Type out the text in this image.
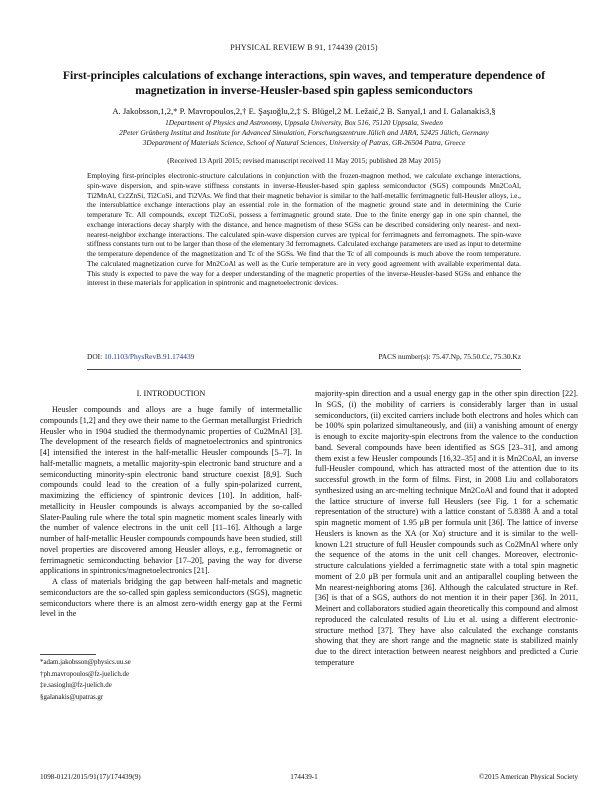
PHYSICAL REVIEW B 91, 174439 (2015)
First-principles calculations of exchange interactions, spin waves, and temperature dependence of
magnetization in inverse-Heusler-based spin gapless semiconductors
A. Jakobsson,1,2,* P. Mavropoulos,2,† E. Şaşıoğlu,2,‡ S. Blügel,2 M. Ležaić,2 B. Sanyal,1 and I. Galanakis3,§
1Department of Physics and Astronomy, Uppsala University, Box 516, 75120 Uppsala, Sweden
2Peter Grünberg Institut and Institute for Advanced Simulation, Forschungszentrum Jülich and JARA, 52425 Jülich, Germany
3Department of Materials Science, School of Natural Sciences, University of Patras, GR-26504 Patra, Greece
(Received 13 April 2015; revised manuscript received 11 May 2015; published 28 May 2015)
Employing first-principles electronic-structure calculations in conjunction with the frozen-magnon method, we calculate exchange interactions, spin-wave dispersion, and spin-wave stiffness constants in inverse-Heusler-based spin gapless semiconductor (SGS) compounds Mn2CoAl, Ti2MnAl, Cr2ZnSi, Ti2CoSi, and Ti2VAs. We find that their magnetic behavior is similar to the half-metallic ferrimagnetic full-Heusler alloys, i.e., the intersublattice exchange interactions play an essential role in the formation of the magnetic ground state and in determining the Curie temperature Tc. All compounds, except Ti2CoSi, possess a ferrimagnetic ground state. Due to the finite energy gap in one spin channel, the exchange interactions decay sharply with the distance, and hence magnetism of these SGSs can be described considering only nearest- and next-nearest-neighbor exchange interactions. The calculated spin-wave dispersion curves are typical for ferrimagnets and ferromagnets. The spin-wave stiffness constants turn out to be larger than those of the elementary 3d ferromagnets. Calculated exchange parameters are used as input to determine the temperature dependence of the magnetization and Tc of the SGSs. We find that the Tc of all compounds is much above the room temperature. The calculated magnetization curve for Mn2CoAl as well as the Curie temperature are in very good agreement with available experimental data. This study is expected to pave the way for a deeper understanding of the magnetic properties of the inverse-Heusler-based SGSs and enhance the interest in these materials for application in spintronic and magnetoelectronic devices.
DOI: 10.1103/PhysRevB.91.174439	PACS number(s): 75.47.Np, 75.50.Cc, 75.30.Kz
I. INTRODUCTION

Heusler compounds and alloys are a huge family of intermetallic compounds [1,2] and they owe their name to the German metallurgist Friedrich Heusler who in 1904 studied the thermodynamic properties of Cu2MnAl [3]. The development of the research fields of magnetoelectronics and spintronics [4] intensified the interest in the half-metallic Heusler compounds [5–7]. In half-metallic magnets, a metallic majority-spin electronic band structure and a semiconducting minority-spin electronic band structure coexist [8,9]. Such compounds could lead to the creation of a fully spin-polarized current, maximizing the efficiency of spintronic devices [10]. In addition, half-metallicity in Heusler compounds is always accompanied by the so-called Slater-Pauling rule where the total spin magnetic moment scales linearly with the number of valence electrons in the unit cell [11–16]. Although a large number of half-metallic Heusler compounds compounds have been studied, still novel properties are discovered among Heusler alloys, e.g., ferromagnetic or ferrimagnetic semiconducting behavior [17–20], paving the way for diverse applications in spintronics/magnetoelectronics [21].

A class of materials bridging the gap between half-metals and magnetic semiconductors are the so-called spin gapless semiconductors (SGS), magnetic semiconductors where there is an almost zero-width energy gap at the Fermi level in the

majority-spin direction and a usual energy gap in the other spin direction [22]. In SGS, (i) the mobility of carriers is considerably larger than in usual semiconductors, (ii) excited carriers include both electrons and holes which can be 100% spin polarized simultaneously, and (iii) a vanishing amount of energy is enough to excite majority-spin electrons from the valence to the conduction band. Several compounds have been identified as SGS [23–31], and among them exist a few Heusler compounds [16,32–35] and it is Mn2CoAl, an inverse full-Heusler compound, which has attracted most of the attention due to its successful growth in the form of films. First, in 2008 Liu and collaborators synthesized using an arc-melting technique Mn2CoAl and found that it adopted the lattice structure of inverse full Heuslers (see Fig. 1 for a schematic representation of the structure) with a lattice constant of 5.8388 Å and a total spin magnetic moment of 1.95 μB per formula unit [36]. The lattice of inverse Heuslers is known as the XA (or Xα) structure and it is similar to the well-known L21 structure of full Heusler compounds such as Co2MnAl where only the sequence of the atoms in the unit cell changes. Moreover, electronic-structure calculations yielded a ferrimagnetic state with a total spin magnetic moment of 2.0 μB per formula unit and an antiparallel coupling between the Mn nearest-neighboring atoms [36]. Although the calculated structure in Ref. [36] is that of a SGS, authors do not mention it in their paper [36]. In 2011, Meinert and collaborators studied again theoretically this compound and almost reproduced the calculated results of Liu et al. using a different electronic-structure method [37]. They have also calculated the exchange constants showing that they are short range and the magnetic state is stabilized mainly due to the direct interaction between nearest neighbors and predicted a Curie temperature

*adam.jakobsson@physics.uu.se
†ph.mavropoulos@fz-juelich.de
‡e.sasioglu@fz-juelich.de
§galanakis@upatras.gr
1098-0121/2015/91(17)/174439(9)	174439-1	©2015 American Physical Society
